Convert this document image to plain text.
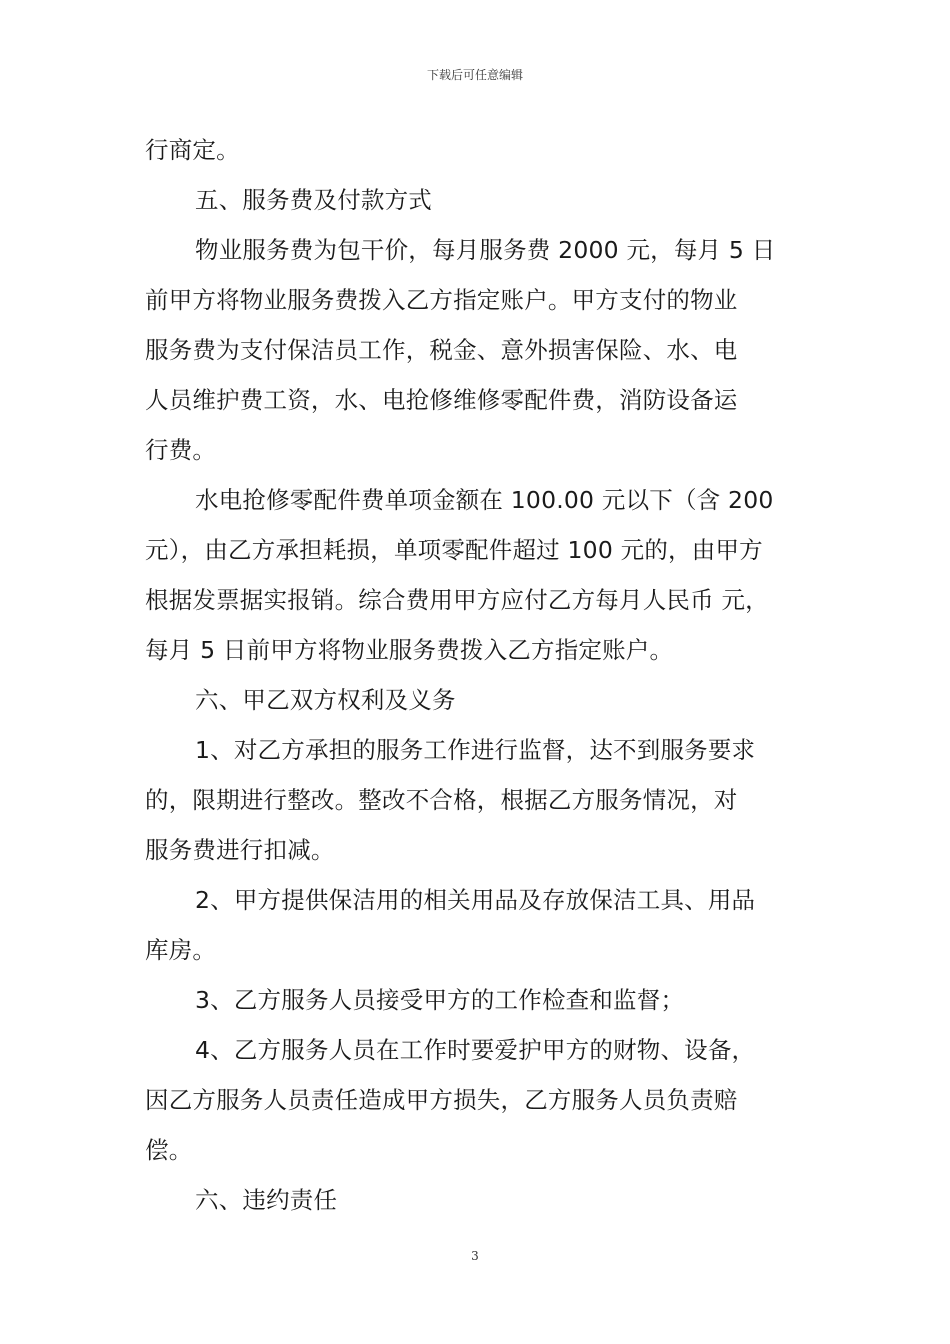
下载后可任意编辑
行商定。
五、服务费及付款方式
物业服务费为包干价，每月服务费 2000 元，每月 5 日
前甲方将物业服务费拨入乙方指定账户。甲方支付的物业
服务费为支付保洁员工作，税金、意外损害保险、水、电
人员维护费工资，水、电抢修维修零配件费，消防设备运
行费。
水电抢修零配件费单项金额在 100.00 元以下（含 200
元），由乙方承担耗损，单项零配件超过 100 元的，由甲方
根据发票据实报销。综合费用甲方应付乙方每月人民币 元，
每月 5 日前甲方将物业服务费拨入乙方指定账户。
六、甲乙双方权利及义务
1、对乙方承担的服务工作进行监督，达不到服务要求
的，限期进行整改。整改不合格，根据乙方服务情况，对
服务费进行扣减。
2、甲方提供保洁用的相关用品及存放保洁工具、用品
库房。
3、乙方服务人员接受甲方的工作检查和监督；
4、乙方服务人员在工作时要爱护甲方的财物、设备，
因乙方服务人员责任造成甲方损失，乙方服务人员负责赔
偿。
六、违约责任
3
